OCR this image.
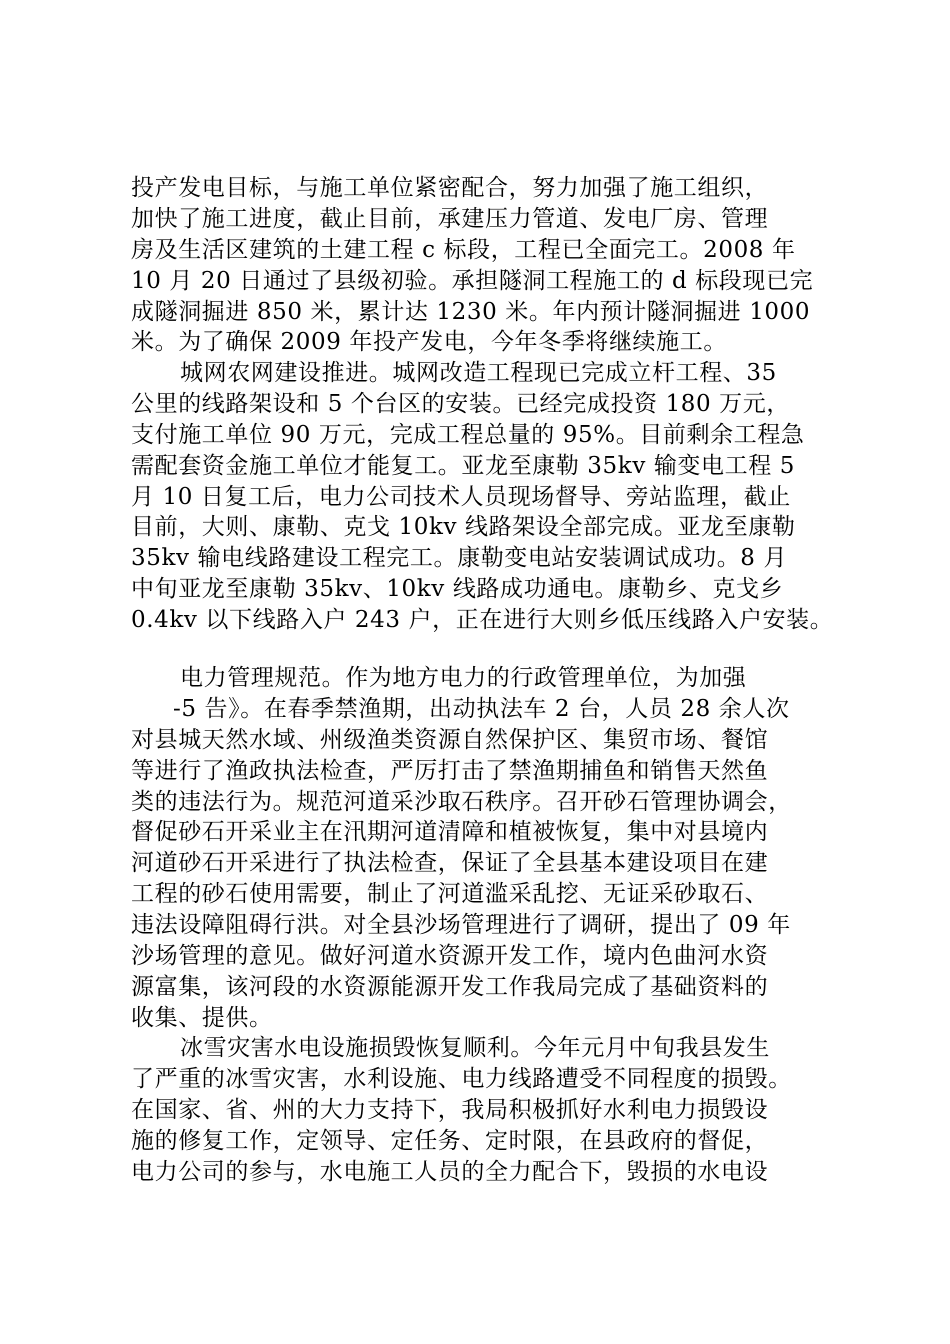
投产发电目标，与施工单位紧密配合，努力加强了施工组织，
加快了施工进度，截止目前，承建压力管道、发电厂房、管理
房及生活区建筑的土建工程 c 标段，工程已全面完工。2008 年
10 月 20 日通过了县级初验。承担隧洞工程施工的 d 标段现已完
成隧洞掘进 850 米，累计达 1230 米。年内预计隧洞掘进 1000
米。为了确保 2009 年投产发电，今年冬季将继续施工。
城网农网建设推进。城网改造工程现已完成立杆工程、35
公里的线路架设和 5 个台区的安装。已经完成投资 180 万元，
支付施工单位 90 万元，完成工程总量的 95%。目前剩余工程急
需配套资金施工单位才能复工。亚龙至康勒 35kv 输变电工程 5
月 10 日复工后，电力公司技术人员现场督导、旁站监理，截止
目前，大则、康勒、克戈 10kv 线路架设全部完成。亚龙至康勒
35kv 输电线路建设工程完工。康勒变电站安装调试成功。8 月
中旬亚龙至康勒 35kv、10kv 线路成功通电。康勒乡、克戈乡
0.4kv 以下线路入户 243 户，正在进行大则乡低压线路入户安装。
电力管理规范。作为地方电力的行政管理单位，为加强
-5 告》。在春季禁渔期，出动执法车 2 台，人员 28 余人次
对县城天然水域、州级渔类资源自然保护区、集贸市场、餐馆
等进行了渔政执法检查，严厉打击了禁渔期捕鱼和销售天然鱼
类的违法行为。规范河道采沙取石秩序。召开砂石管理协调会，
督促砂石开采业主在汛期河道清障和植被恢复，集中对县境内
河道砂石开采进行了执法检查，保证了全县基本建设项目在建
工程的砂石使用需要，制止了河道滥采乱挖、无证采砂取石、
违法设障阻碍行洪。对全县沙场管理进行了调研，提出了 09 年
沙场管理的意见。做好河道水资源开发工作，境内色曲河水资
源富集，该河段的水资源能源开发工作我局完成了基础资料的
收集、提供。
冰雪灾害水电设施损毁恢复顺利。今年元月中旬我县发生
了严重的冰雪灾害，水利设施、电力线路遭受不同程度的损毁。
在国家、省、州的大力支持下，我局积极抓好水利电力损毁设
施的修复工作，定领导、定任务、定时限，在县政府的督促，
电力公司的参与，水电施工人员的全力配合下，毁损的水电设
